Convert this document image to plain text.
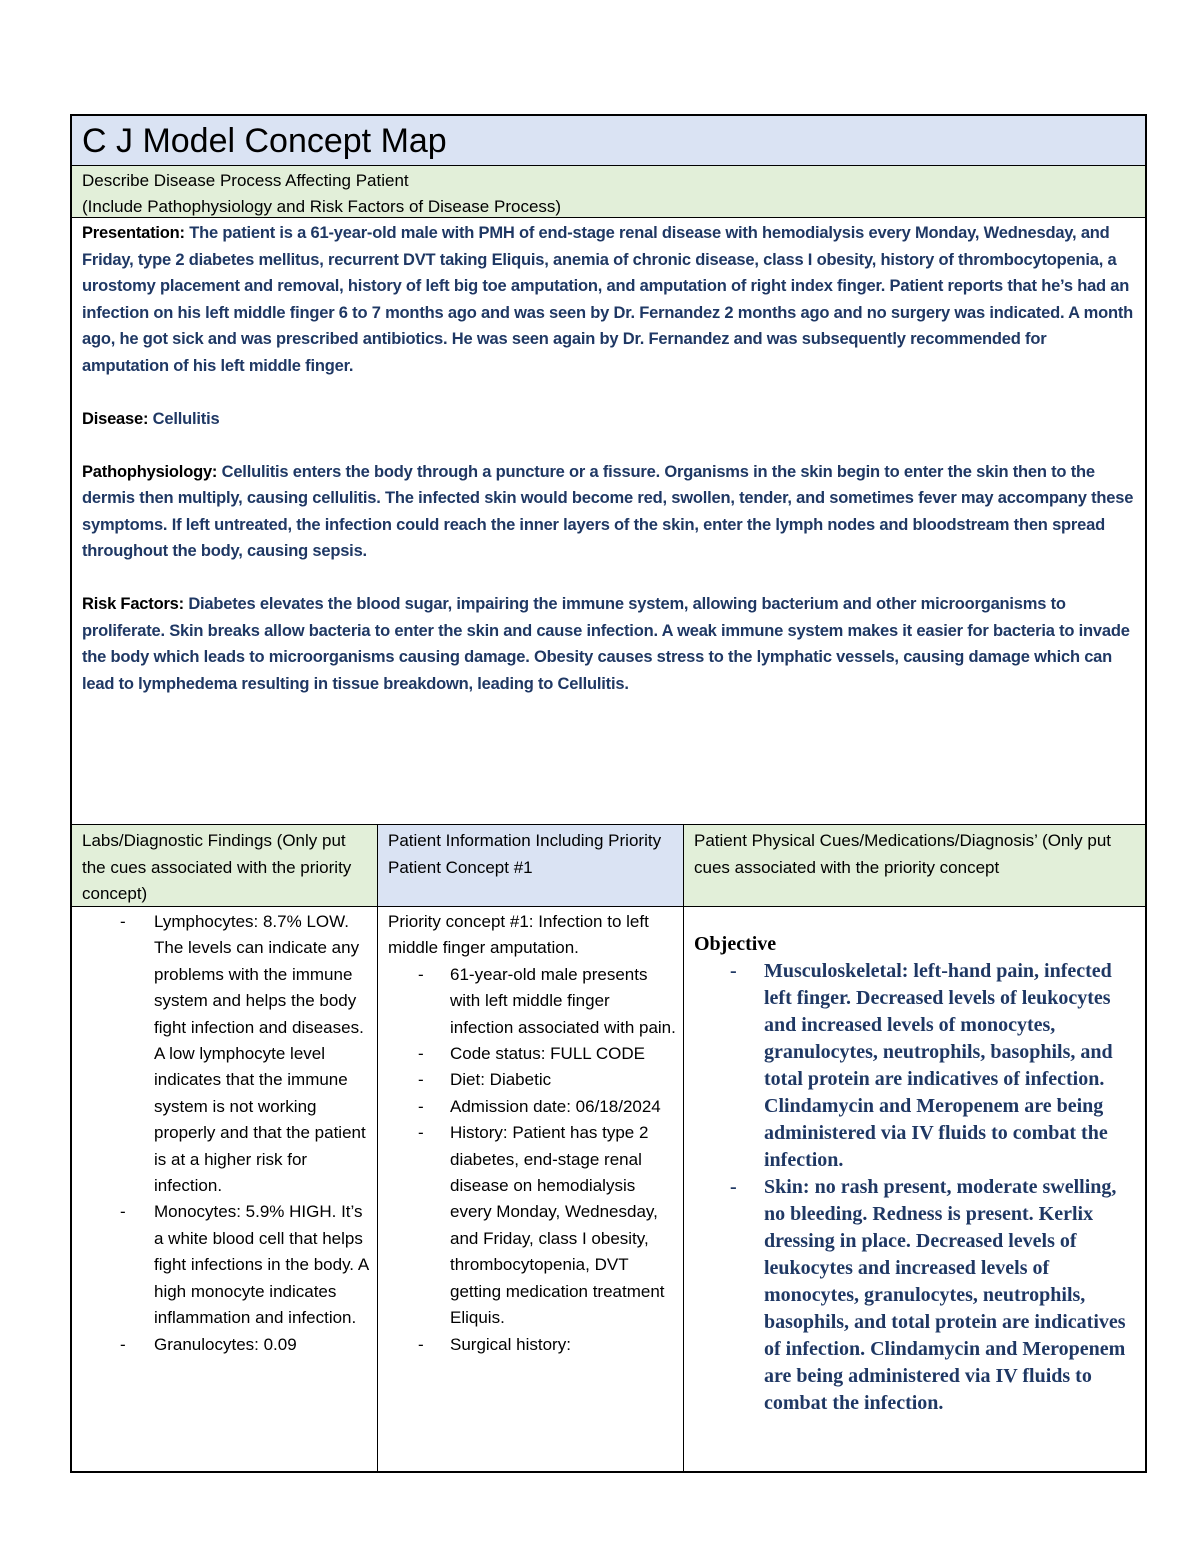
C J Model Concept Map
Describe Disease Process Affecting Patient
(Include Pathophysiology and Risk Factors of Disease Process)

Presentation: The patient is a 61-year-old male with PMH of end-stage renal disease with hemodialysis every Monday, Wednesday, and Friday, type 2 diabetes mellitus, recurrent DVT taking Eliquis, anemia of chronic disease, class I obesity, history of thrombocytopenia, a urostomy placement and removal, history of left big toe amputation, and amputation of right index finger. Patient reports that he’s had an infection on his left middle finger 6 to 7 months ago and was seen by Dr. Fernandez 2 months ago and no surgery was indicated. A month ago, he got sick and was prescribed antibiotics. He was seen again by Dr. Fernandez and was subsequently recommended for amputation of his left middle finger.

Disease: Cellulitis

Pathophysiology: Cellulitis enters the body through a puncture or a fissure. Organisms in the skin begin to enter the skin then to the dermis then multiply, causing cellulitis. The infected skin would become red, swollen, tender, and sometimes fever may accompany these symptoms. If left untreated, the infection could reach the inner layers of the skin, enter the lymph nodes and bloodstream then spread throughout the body, causing sepsis.

Risk Factors: Diabetes elevates the blood sugar, impairing the immune system, allowing bacterium and other microorganisms to proliferate. Skin breaks allow bacteria to enter the skin and cause infection. A weak immune system makes it easier for bacteria to invade the body which leads to microorganisms causing damage. Obesity causes stress to the lymphatic vessels, causing damage which can lead to lymphedema resulting in tissue breakdown, leading to Cellulitis.

Labs/Diagnostic Findings (Only put the cues associated with the priority concept)
Patient Information Including Priority Patient Concept #1
Patient Physical Cues/Medications/Diagnosis’ (Only put cues associated with the priority concept
- Lymphocytes: 8.7% LOW. The levels can indicate any problems with the immune system and helps the body fight infection and diseases. A low lymphocyte level indicates that the immune system is not working properly and that the patient is at a higher risk for infection.
- Monocytes: 5.9% HIGH. It’s a white blood cell that helps fight infections in the body. A high monocyte indicates inflammation and infection.
- Granulocytes: 0.09
Priority concept #1: Infection to left middle finger amputation.
- 61-year-old male presents with left middle finger infection associated with pain.
- Code status: FULL CODE
- Diet: Diabetic
- Admission date: 06/18/2024
- History: Patient has type 2 diabetes, end-stage renal disease on hemodialysis every Monday, Wednesday, and Friday, class I obesity, thrombocytopenia, DVT getting medication treatment Eliquis.
- Surgical history:
Objective
- Musculoskeletal: left-hand pain, infected left finger. Decreased levels of leukocytes and increased levels of monocytes, granulocytes, neutrophils, basophils, and total protein are indicatives of infection. Clindamycin and Meropenem are being administered via IV fluids to combat the infection.
- Skin: no rash present, moderate swelling, no bleeding. Redness is present. Kerlix dressing in place. Decreased levels of leukocytes and increased levels of monocytes, granulocytes, neutrophils, basophils, and total protein are indicatives of infection. Clindamycin and Meropenem are being administered via IV fluids to combat the infection.
